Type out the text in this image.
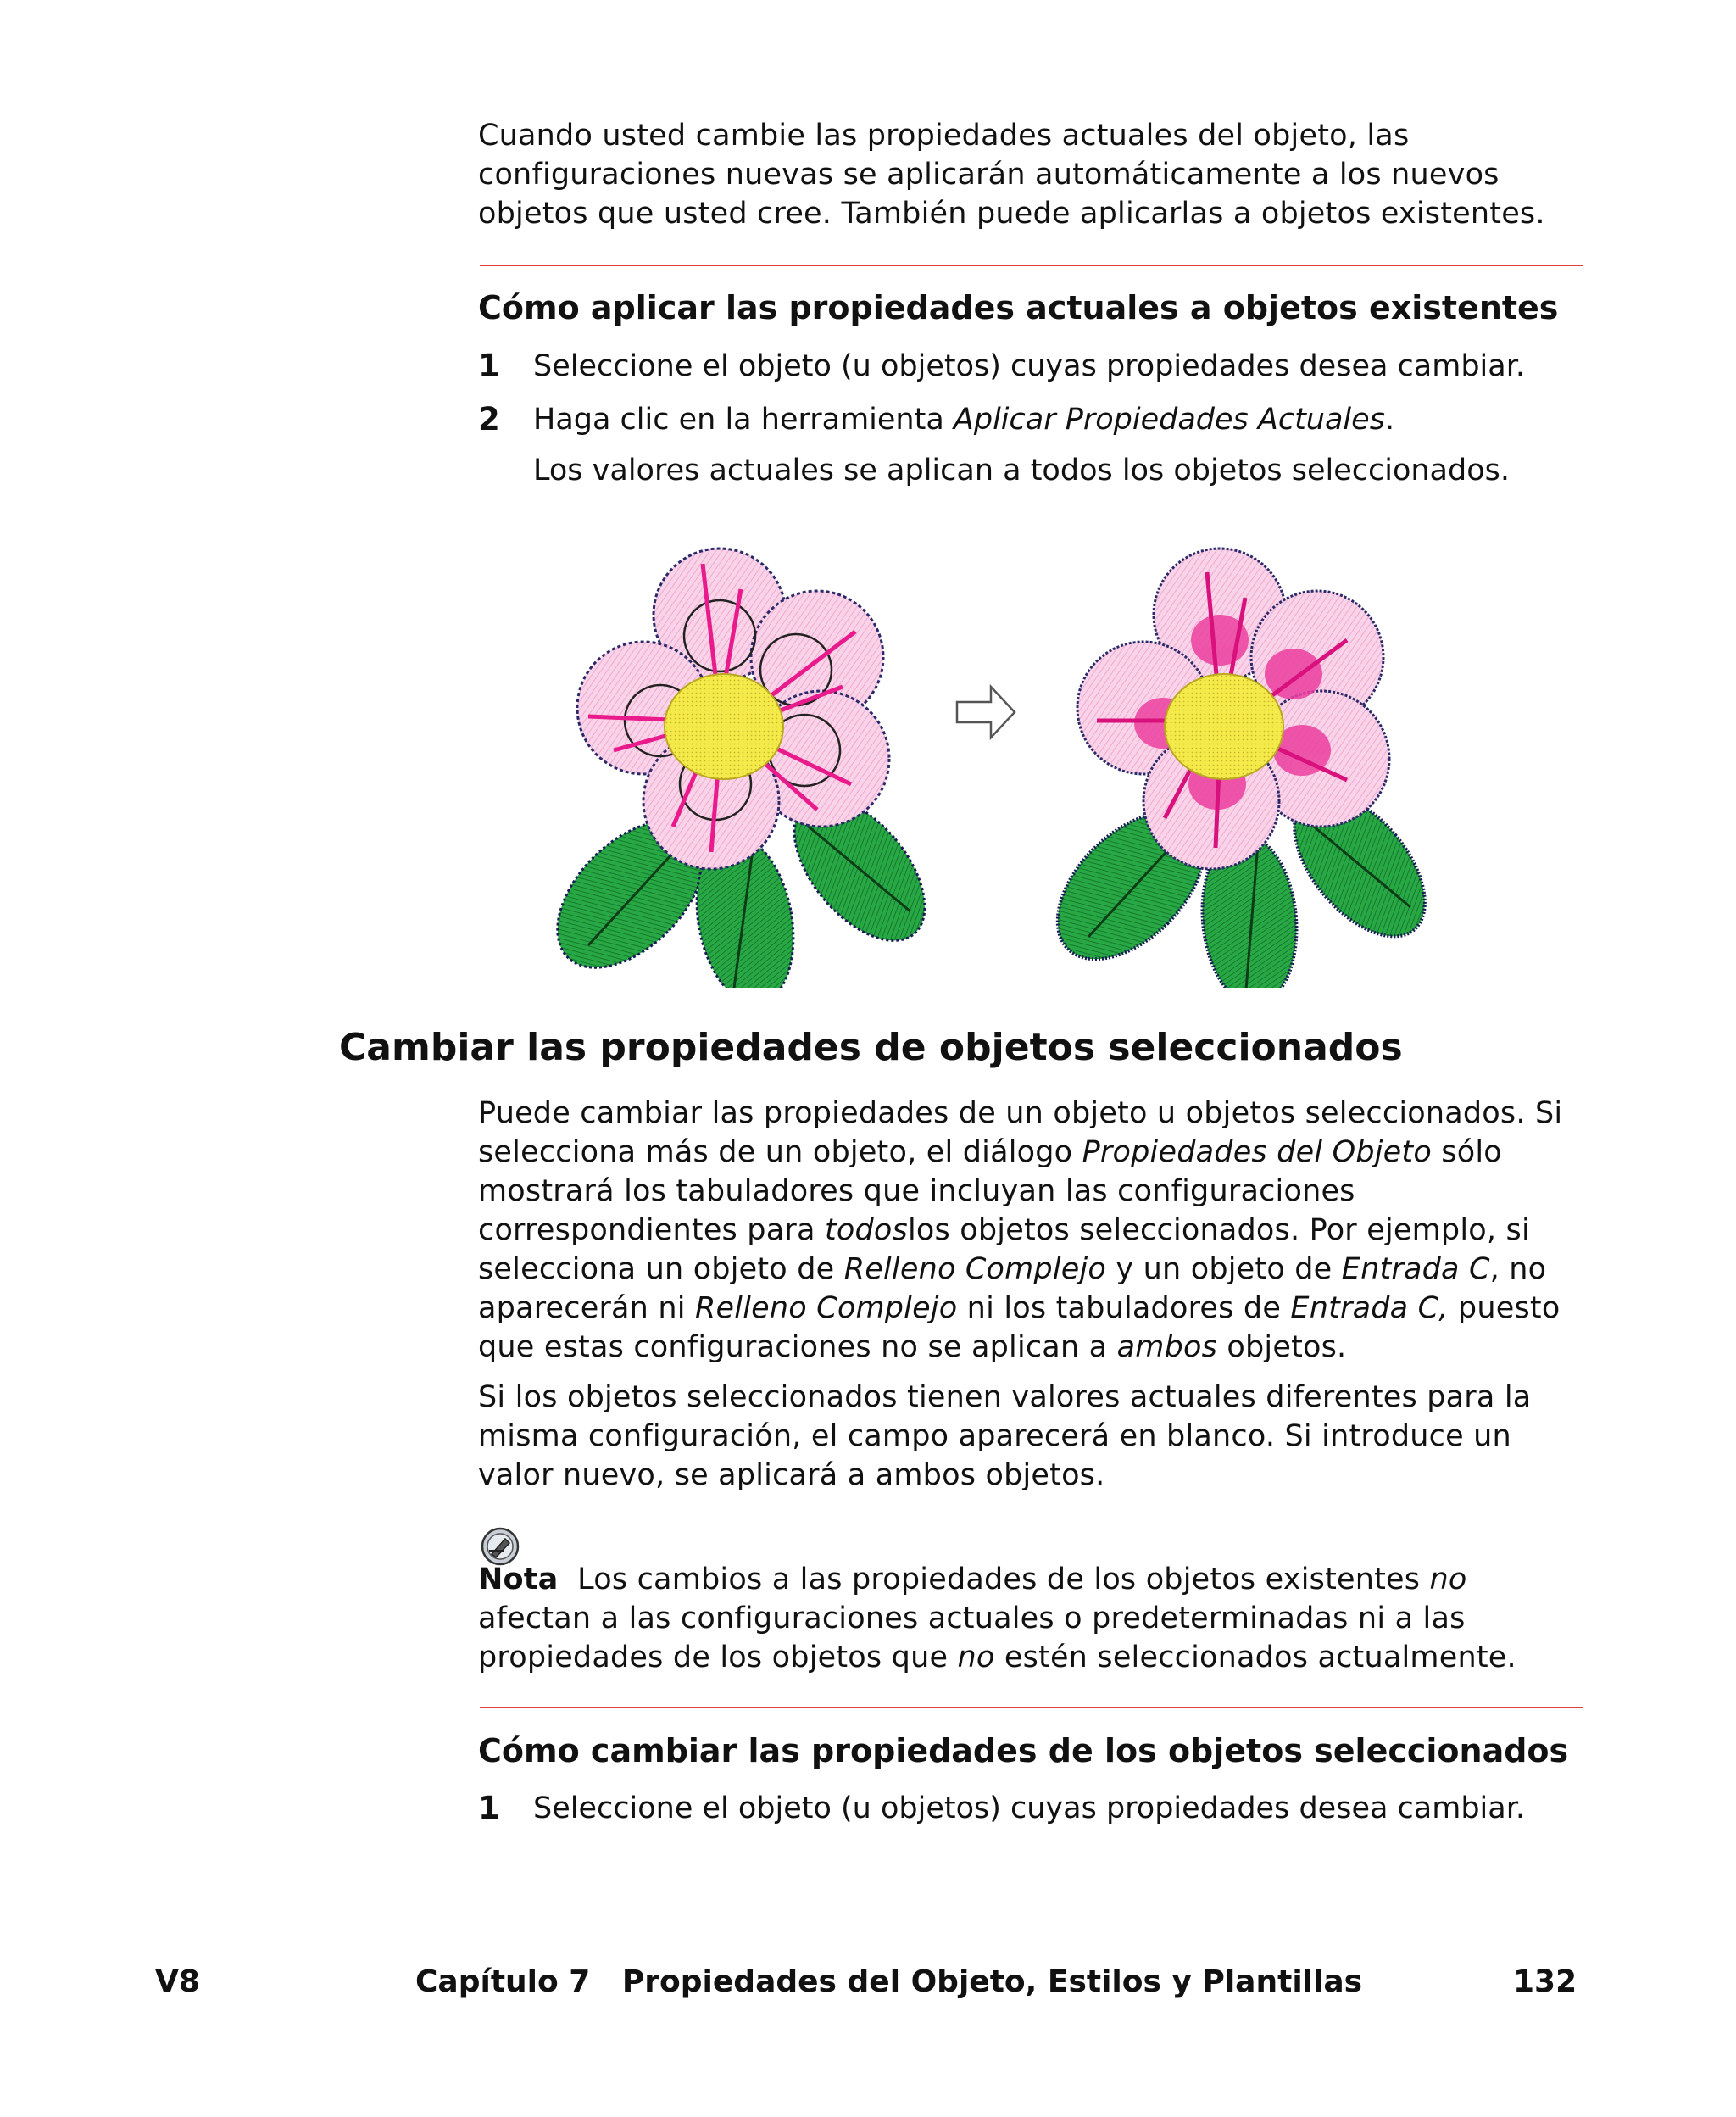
Cuando usted cambie las propiedades actuales del objeto, las configuraciones nuevas se aplicarán automáticamente a los nuevos objetos que usted cree. También puede aplicarlas a objetos existentes.

Cómo aplicar las propiedades actuales a objetos existentes
1 Seleccione el objeto (u objetos) cuyas propiedades desea cambiar.
2 Haga clic en la herramienta Aplicar Propiedades Actuales.
Los valores actuales se aplican a todos los objetos seleccionados.
Cambiar las propiedades de objetos seleccionados

Puede cambiar las propiedades de un objeto u objetos seleccionados. Si selecciona más de un objeto, el diálogo Propiedades del Objeto sólo mostrará los tabuladores que incluyan las configuraciones correspondientes para todoslos objetos seleccionados. Por ejemplo, si selecciona un objeto de Relleno Complejo y un objeto de Entrada C, no aparecerán ni Relleno Complejo ni los tabuladores de Entrada C, puesto que estas configuraciones no se aplican a ambos objetos.

Si los objetos seleccionados tienen valores actuales diferentes para la misma configuración, el campo aparecerá en blanco. Si introduce un valor nuevo, se aplicará a ambos objetos.

Nota  Los cambios a las propiedades de los objetos existentes no afectan a las configuraciones actuales o predeterminadas ni a las propiedades de los objetos que no estén seleccionados actualmente.

Cómo cambiar las propiedades de los objetos seleccionados
1 Seleccione el objeto (u objetos) cuyas propiedades desea cambiar.
V8	Capítulo 7   Propiedades del Objeto, Estilos y Plantillas	132
